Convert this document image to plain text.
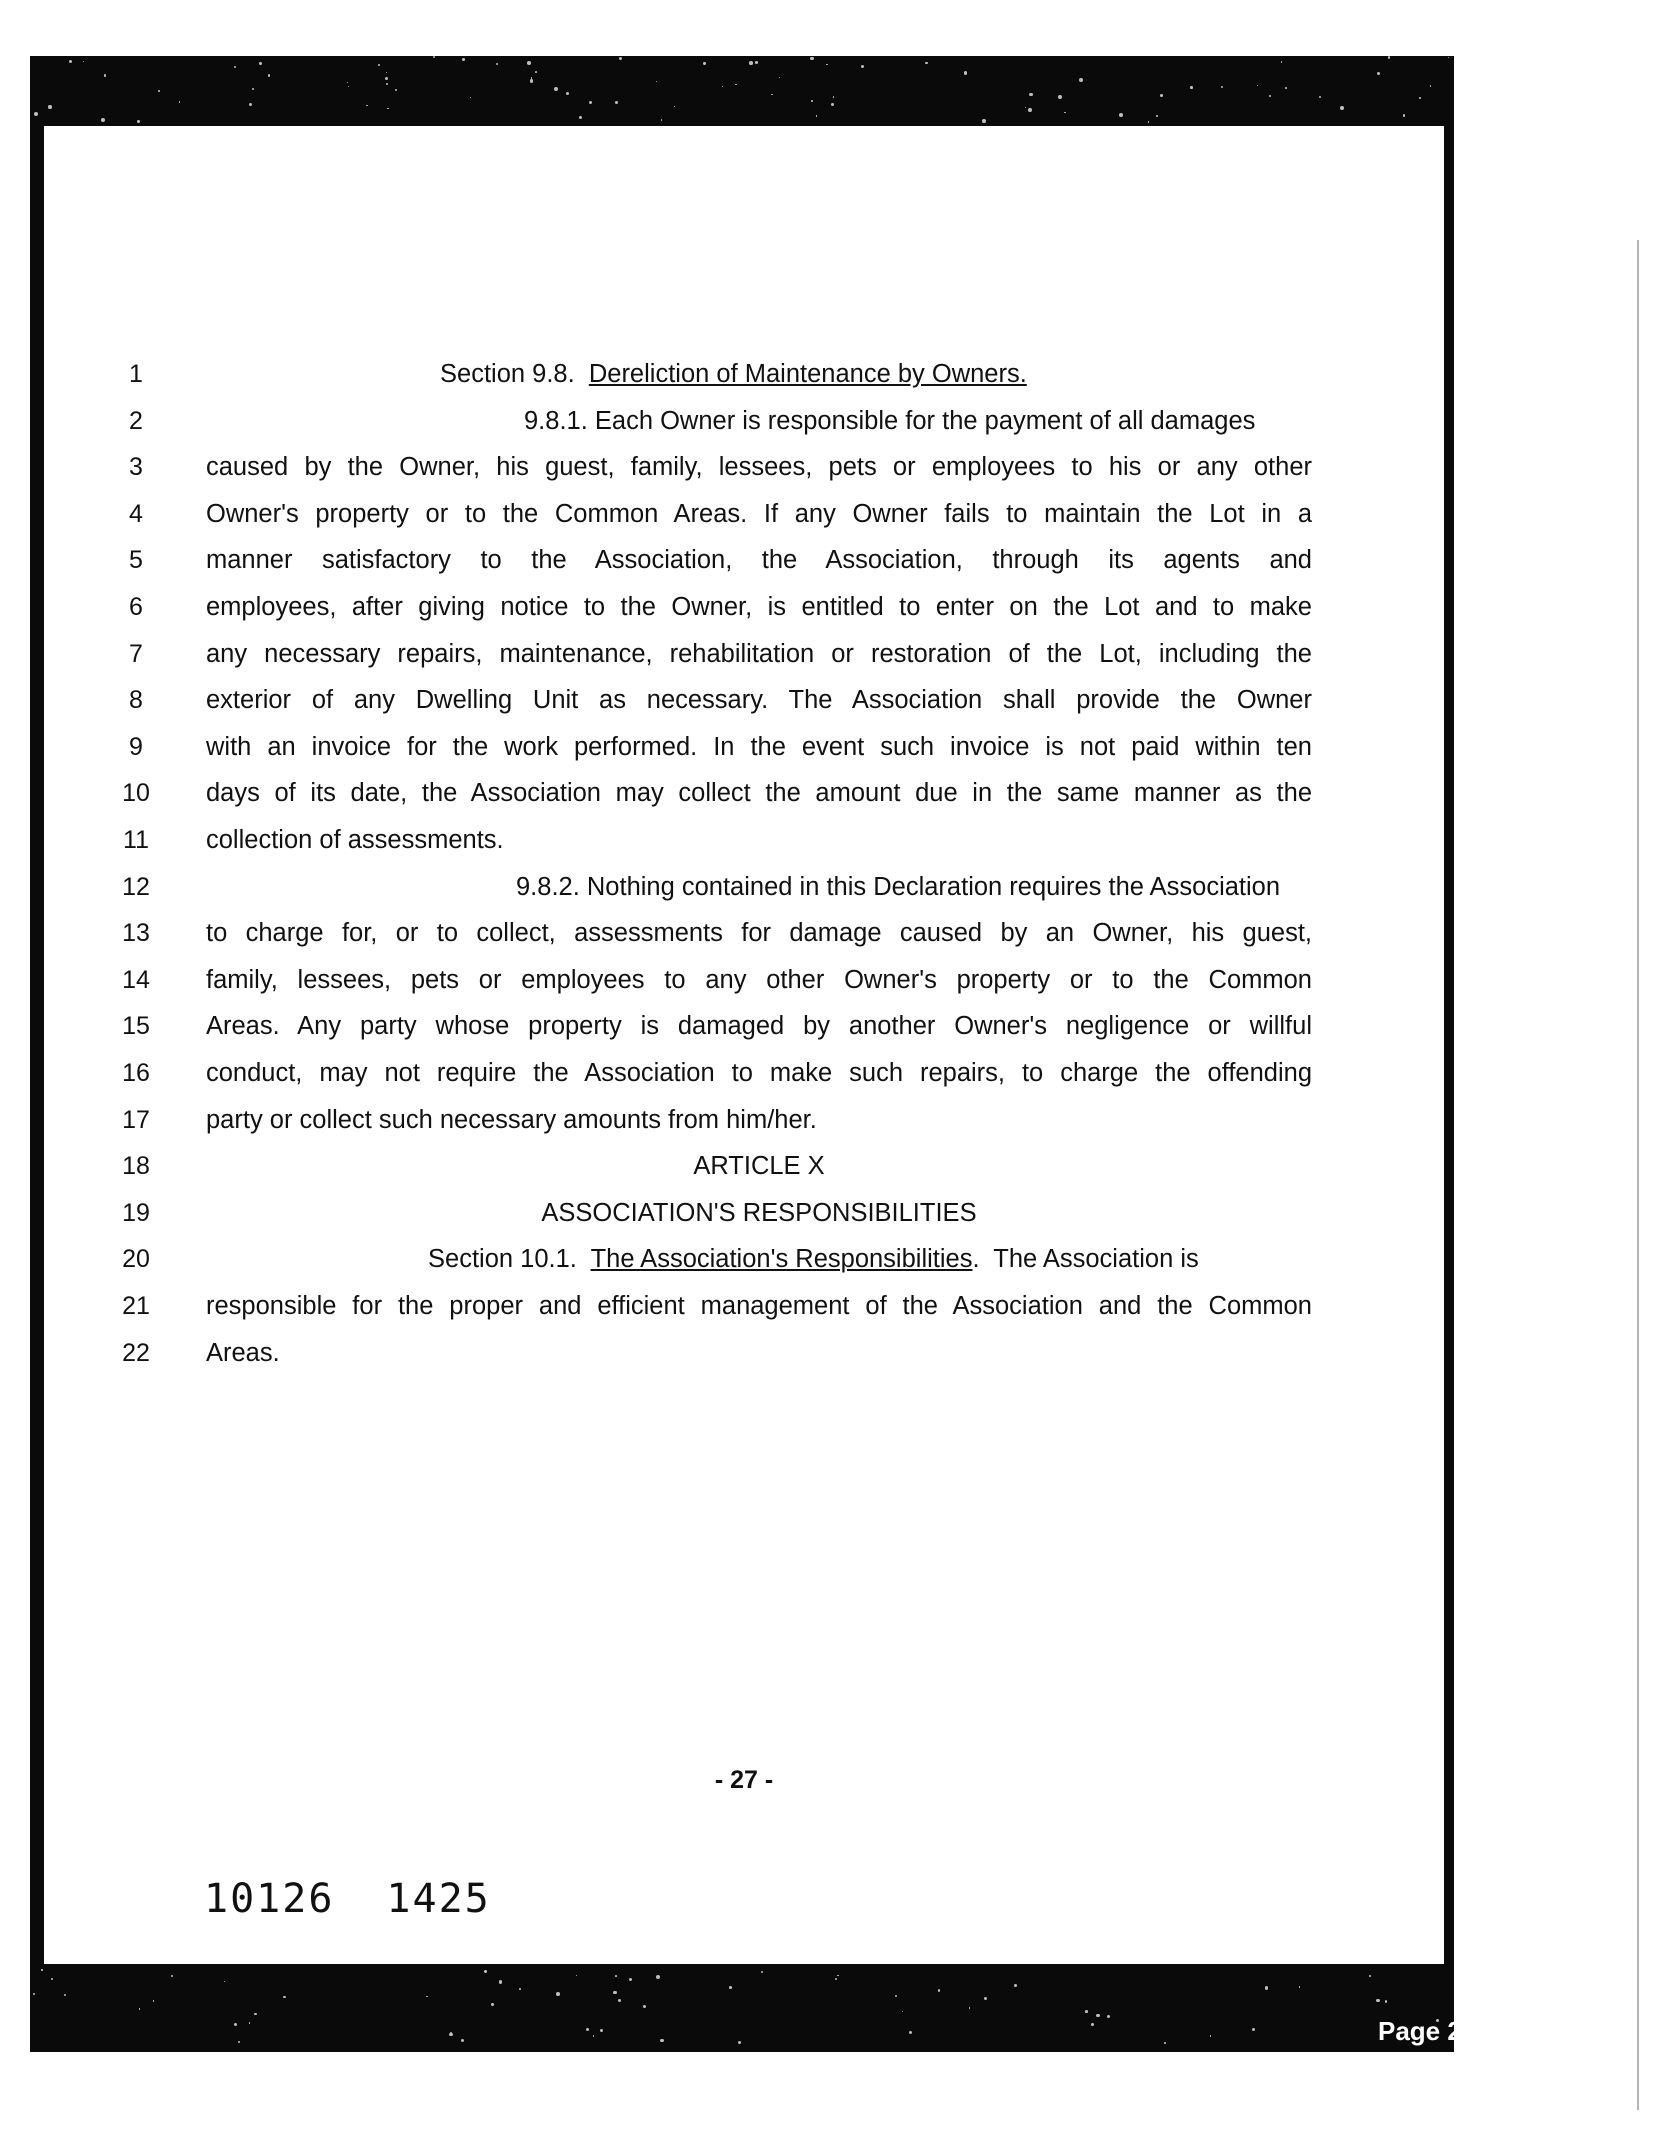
1	Section 9.8.  Dereliction of Maintenance by Owners.
2	9.8.1. Each Owner is responsible for the payment of all damages
3	caused by the Owner, his guest, family, lessees, pets or employees to his or any other
4	Owner's property or to the Common Areas. If any Owner fails to maintain the Lot in a
5	manner satisfactory to the Association, the Association, through its agents and
6	employees, after giving notice to the Owner, is entitled to enter on the Lot and to make
7	any necessary repairs, maintenance, rehabilitation or restoration of the Lot, including the
8	exterior of any Dwelling Unit as necessary. The Association shall provide the Owner
9	with an invoice for the work performed. In the event such invoice is not paid within ten
10	days of its date, the Association may collect the amount due in the same manner as the
11	collection of assessments.
12	9.8.2. Nothing contained in this Declaration requires the Association
13	to charge for, or to collect, assessments for damage caused by an Owner, his guest,
14	family, lessees, pets or employees to any other Owner's property or to the Common
15	Areas. Any party whose property is damaged by another Owner's negligence or willful
16	conduct, may not require the Association to make such repairs, to charge the offending
17	party or collect such necessary amounts from him/her.
18	ARTICLE X
19	ASSOCIATION'S RESPONSIBILITIES
20	Section 10.1.  The Association's Responsibilities.  The Association is
21	responsible for the proper and efficient management of the Association and the Common
22	Areas.
- 27 -
10126 1425
Page 27 of 46
11/21/2011 11:49 AM
